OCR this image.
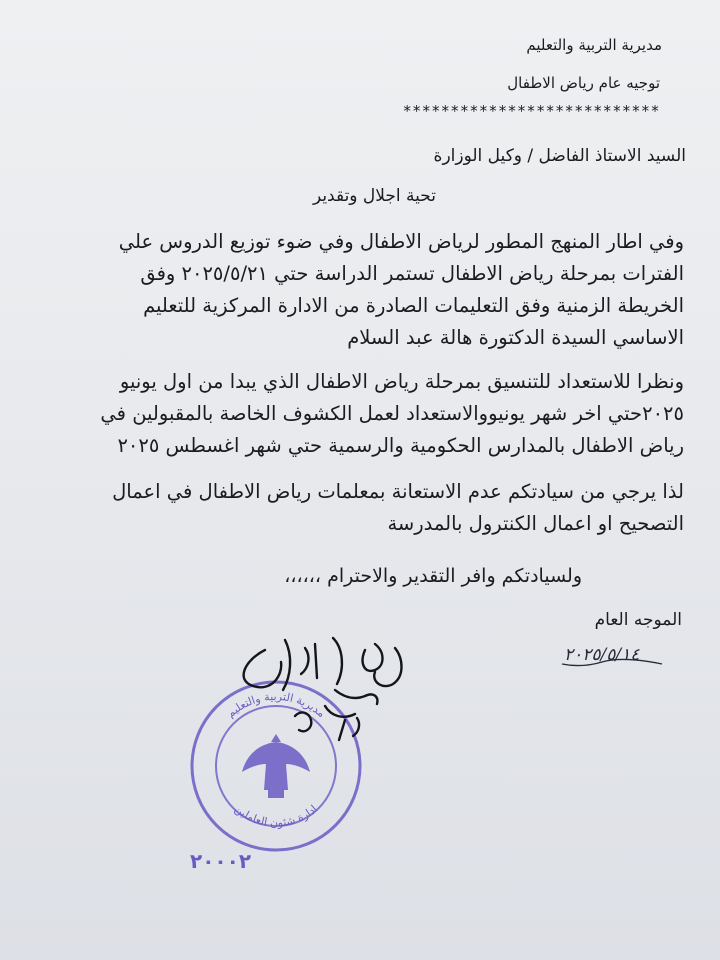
مديرية التربية والتعليم
توجيه عام رياض الاطفال
***************************
السيد الاستاذ الفاضل / وكيل الوزارة
تحية اجلال وتقدير
وفي اطار المنهج المطور لرياض الاطفال وفي ضوء توزيع الدروس علي
الفترات بمرحلة رياض الاطفال تستمر الدراسة حتي ٢٠٢٥/٥/٢١ وفق
الخريطة الزمنية وفق التعليمات الصادرة من الادارة المركزية للتعليم
الاساسي السيدة الدكتورة هالة عبد السلام
ونظرا للاستعداد للتنسيق بمرحلة رياض الاطفال الذي يبدا من اول يونيو
٢٠٢٥حتي اخر شهر يونيووالاستعداد لعمل الكشوف الخاصة بالمقبولين في
رياض الاطفال بالمدارس الحكومية والرسمية حتي شهر اغسطس ٢٠٢٥
لذا يرجي من سيادتكم عدم الاستعانة بمعلمات رياض الاطفال في اعمال
التصحيح او اعمال الكنترول بالمدرسة
ولسيادتكم وافر التقدير والاحترام ،،،،،،
الموجه العام
٢٠٢٥/٥/١٤
مديرية التربية والتعليم
ادارة شئون العاملين
٢٠٠٠٢
